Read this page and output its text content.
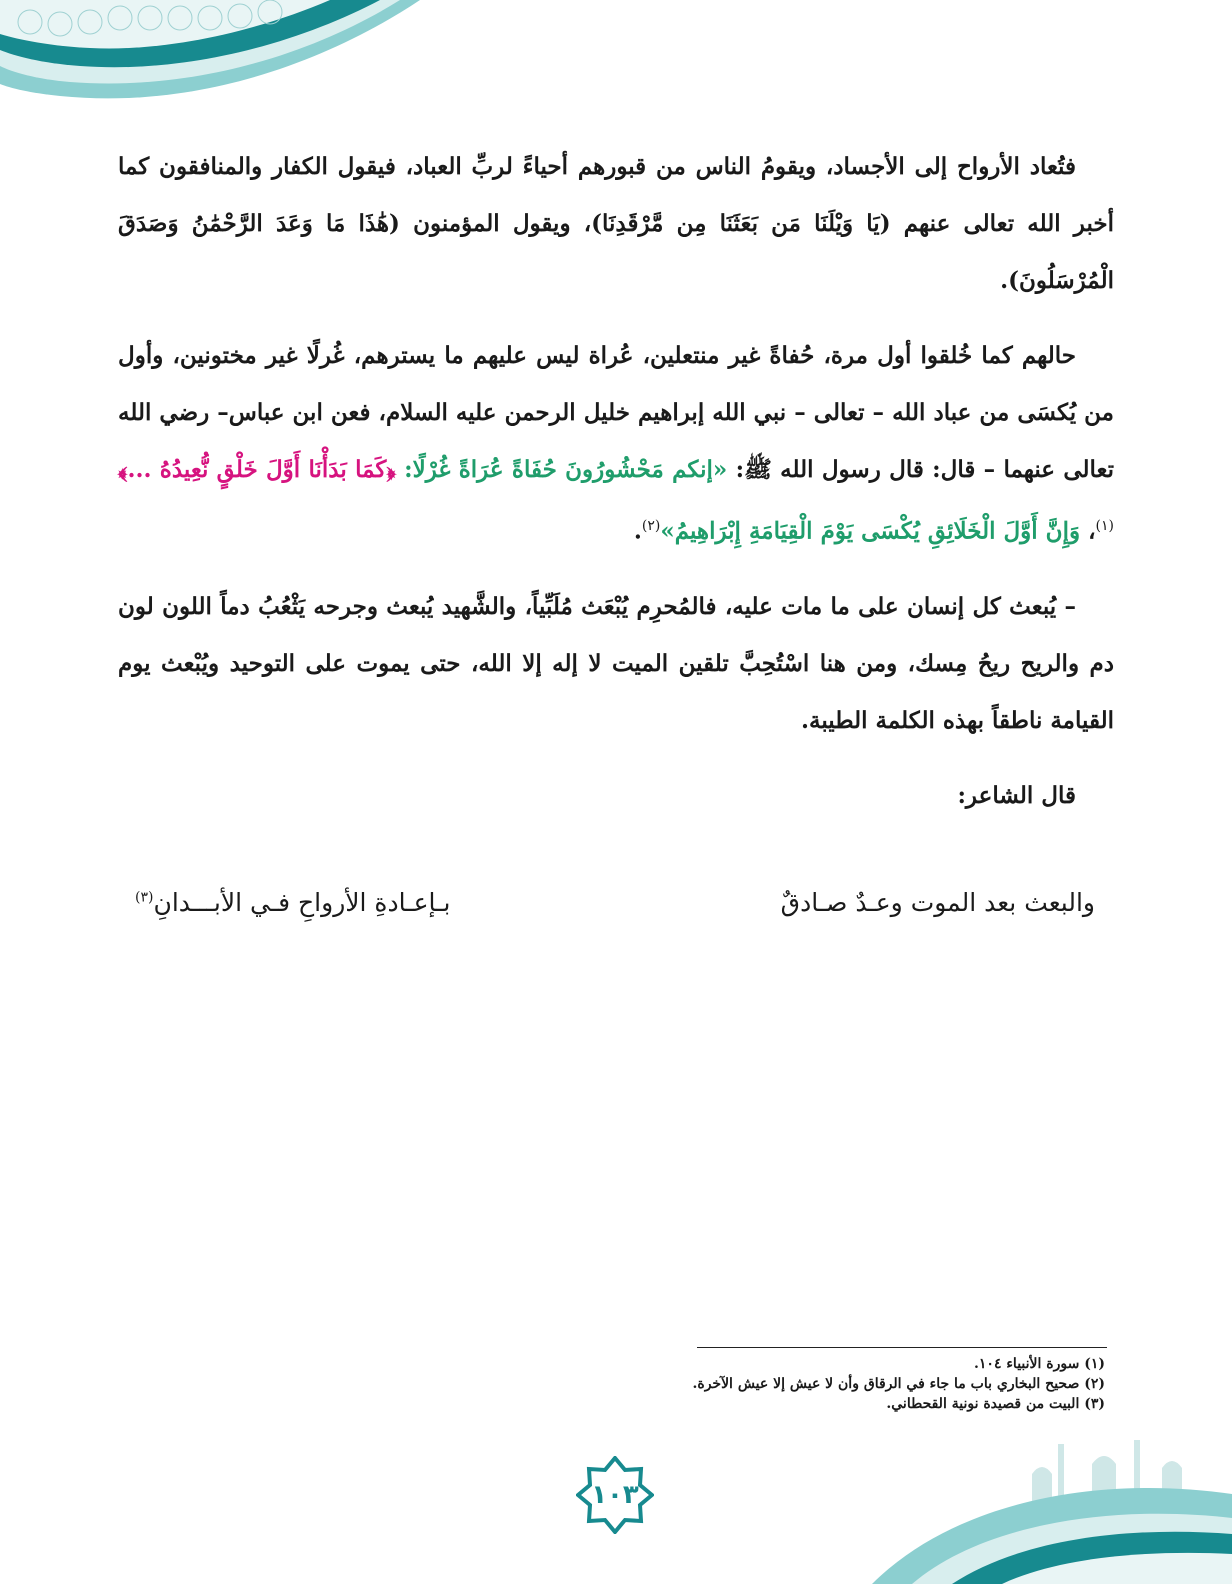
فتُعاد الأرواح إلى الأجساد، ويقومُ الناس من قبورهم أحياءً لربِّ العباد، فيقول الكفار والمنافقون كما أخبر الله تعالى عنهم (يَا وَيْلَنَا مَن بَعَثَنَا مِن مَّرْقَدِنَا)، ويقول المؤمنون (هَٰذَا مَا وَعَدَ الرَّحْمَٰنُ وَصَدَقَ الْمُرْسَلُونَ).

حالهم كما خُلقوا أول مرة، حُفاةً غير منتعلين، عُراة ليس عليهم ما يسترهم، غُرلًا غير مختونين، وأول من يُكسَى من عباد الله – تعالى – نبي الله إبراهيم خليل الرحمن عليه السلام، فعن ابن عباس– رضي الله تعالى عنهما – قال: قال رسول الله ﷺ: «إنكم مَحْشُورُونَ حُفَاةً عُرَاةً غُرْلًا: ﴿كَمَا بَدَأْنَا أَوَّلَ خَلْقٍ نُّعِيدُهُ ...﴾$^{(١)}$، وَإِنَّ أَوَّلَ الْخَلَائِقِ يُكْسَى يَوْمَ الْقِيَامَةِ إِبْرَاهِيمُ»$^{(٢)}$.

– يُبعث كل إنسان على ما مات عليه، فالمُحرِم يُبْعَث مُلَبِّياً، والشَّهيد يُبعث وجرحه يَثْعُبُ دماً اللون لون دم والريح ريحُ مِسك، ومن هنا اسْتُحِبَّ تلقين الميت لا إله إلا الله، حتى يموت على التوحيد ويُبْعث يوم القيامة ناطقاً بهذه الكلمة الطيبة.

قال الشاعر:

والبعث بعد الموت وعـدٌ صـادقٌ
بـإعـادةِ الأرواحِ فـي الأبـــدانِ$^{(٣)}$
(١) سورة الأنبياء ١٠٤.
(٢) صحيح البخاري باب ما جاء في الرقاق وأن لا عيش إلا عيش الآخرة.
(٣) البيت من قصيدة نونية القحطاني.
١٠٣
